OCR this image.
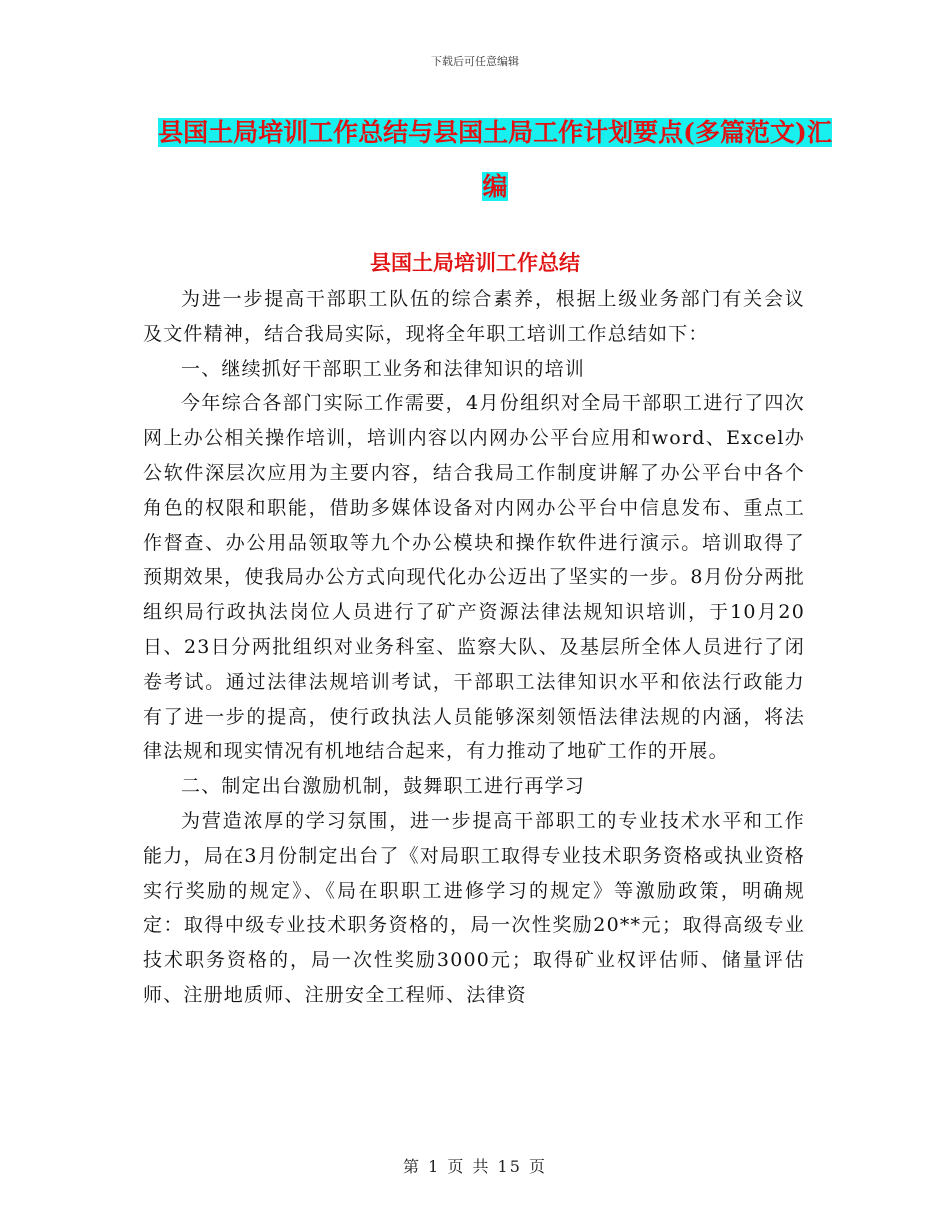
下载后可任意编辑
县国土局培训工作总结与县国土局工作计划要点(多篇范文)汇编
县国土局培训工作总结

为进一步提高干部职工队伍的综合素养，根据上级业务部门有关会议及文件精神，结合我局实际，现将全年职工培训工作总结如下：

一、继续抓好干部职工业务和法律知识的培训

今年综合各部门实际工作需要，4月份组织对全局干部职工进行了四次网上办公相关操作培训，培训内容以内网办公平台应用和word、Excel办公软件深层次应用为主要内容，结合我局工作制度讲解了办公平台中各个角色的权限和职能，借助多媒体设备对内网办公平台中信息发布、重点工作督查、办公用品领取等九个办公模块和操作软件进行演示。培训取得了预期效果，使我局办公方式向现代化办公迈出了坚实的一步。8月份分两批组织局行政执法岗位人员进行了矿产资源法律法规知识培训，于10月20日、23日分两批组织对业务科室、监察大队、及基层所全体人员进行了闭卷考试。通过法律法规培训考试，干部职工法律知识水平和依法行政能力有了进一步的提高，使行政执法人员能够深刻领悟法律法规的内涵，将法律法规和现实情况有机地结合起来，有力推动了地矿工作的开展。

二、制定出台激励机制，鼓舞职工进行再学习

为营造浓厚的学习氛围，进一步提高干部职工的专业技术水平和工作能力，局在3月份制定出台了《对局职工取得专业技术职务资格或执业资格实行奖励的规定》、《局在职职工进修学习的规定》等激励政策，明确规定：取得中级专业技术职务资格的，局一次性奖励20**元；取得高级专业技术职务资格的，局一次性奖励3000元；取得矿业权评估师、储量评估师、注册地质师、注册安全工程师、法律资

第 1 页 共 15 页
